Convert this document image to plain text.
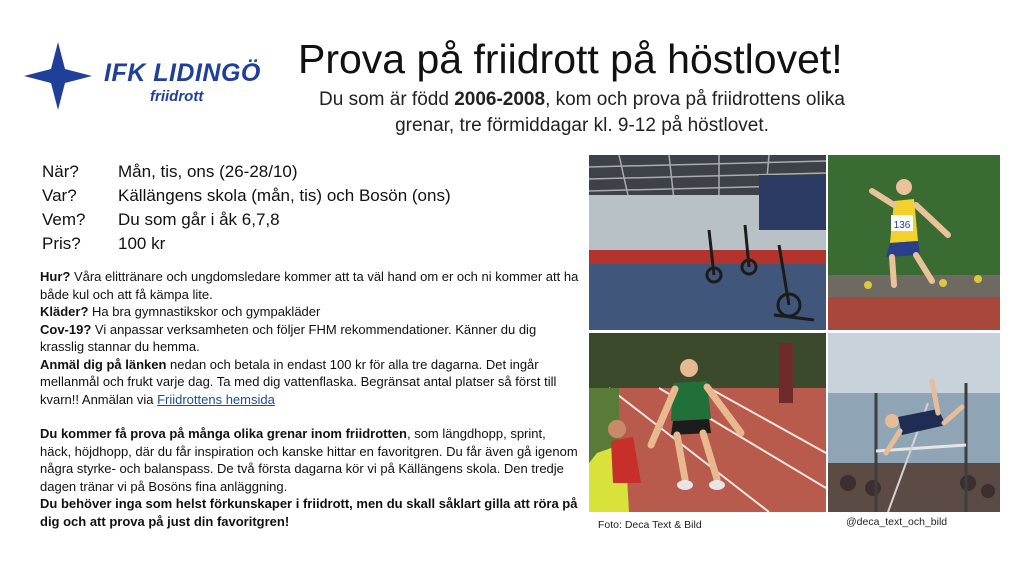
IFK LIDINGÖ
friidrott
Prova på friidrott på höstlovet!
Du som är född 2006-2008, kom och prova på friidrottens olika grenar, tre förmiddagar kl. 9-12 på höstlovet.
När? Mån, tis, ons (26-28/10)
Var? Källängens skola (mån, tis) och Bosön (ons)
Vem? Du som går i åk 6,7,8
Pris? 100 kr

Hur? Våra elittränare och ungdomsledare kommer att ta väl hand om er och ni kommer att ha både kul och att få kämpa lite.

Kläder? Ha bra gymnastikskor och gympakläder

Cov-19? Vi anpassar verksamheten och följer FHM rekommendationer. Känner du dig krasslig stannar du hemma.

Anmäl dig på länken nedan och betala in endast 100 kr för alla tre dagarna. Det ingår mellanmål och frukt varje dag. Ta med dig vattenflaska. Begränsat antal platser så först till kvarn!! Anmälan via Friidrottens hemsida

Du kommer få prova på många olika grenar inom friidrotten, som längdhopp, sprint, häck, höjdhopp, där du får inspiration och kanske hittar en favoritgren. Du får även gå igenom några styrke- och balanspass. De två första dagarna kör vi på Källängens skola. Den tredje dagen tränar vi på Bosöns fina anläggning.

Du behöver inga som helst förkunskaper i friidrott, men du skall såklart gilla att röra på dig och att prova på just din favoritgren!

136
Foto: Deca Text & Bild	@deca_text_och_bild
